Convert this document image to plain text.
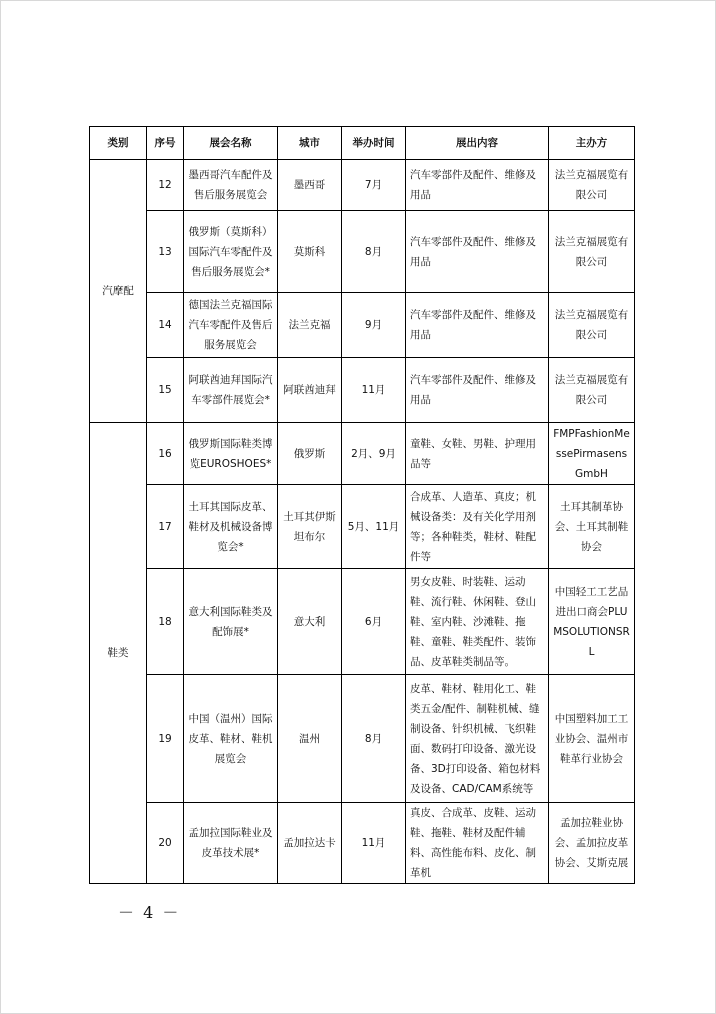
类别	序号	展会名称	城市	举办时间	展出内容	主办方
汽摩配	12	墨西哥汽车配件及售后服务展览会	墨西哥	7月	汽车零部件及配件、维修及用品	法兰克福展览有限公司
	13	俄罗斯（莫斯科）国际汽车零配件及售后服务展览会*	莫斯科	8月	汽车零部件及配件、维修及用品	法兰克福展览有限公司
	14	德国法兰克福国际汽车零配件及售后服务展览会	法兰克福	9月	汽车零部件及配件、维修及用品	法兰克福展览有限公司
	15	阿联酋迪拜国际汽车零部件展览会*	阿联酋迪拜	11月	汽车零部件及配件、维修及用品	法兰克福展览有限公司
鞋类	16	俄罗斯国际鞋类博览EUROSHOES*	俄罗斯	2月、9月	童鞋、女鞋、男鞋、护理用品等	FMPFashionMessePirmasensGmbH
	17	土耳其国际皮革、鞋材及机械设备博览会*	土耳其伊斯坦布尔	5月、11月	合成革、人造革、真皮；机械设备类：及有关化学用剂等；各种鞋类，鞋材、鞋配件等	土耳其制革协会、土耳其制鞋协会
	18	意大利国际鞋类及配饰展*	意大利	6月	男女皮鞋、时装鞋、运动鞋、流行鞋、休闲鞋、登山鞋、室内鞋、沙滩鞋、拖鞋、童鞋、鞋类配件、装饰品、皮革鞋类制品等。	中国轻工工艺品进出口商会PLUMSOLUTIONSRL
	19	中国（温州）国际皮革、鞋材、鞋机展览会	温州	8月	皮革、鞋材、鞋用化工、鞋类五金/配件、制鞋机械、缝制设备、针织机械、飞织鞋面、数码打印设备、激光设备、3D打印设备、箱包材料及设备、CAD/CAM系统等	中国塑料加工工业协会、温州市鞋革行业协会
	20	孟加拉国际鞋业及皮革技术展*	孟加拉达卡	11月	真皮、合成革、皮鞋、运动鞋、拖鞋、鞋材及配件辅料、高性能布料、皮化、制革机	孟加拉鞋业协会、孟加拉皮革协会、艾斯克展
－ 4 －
